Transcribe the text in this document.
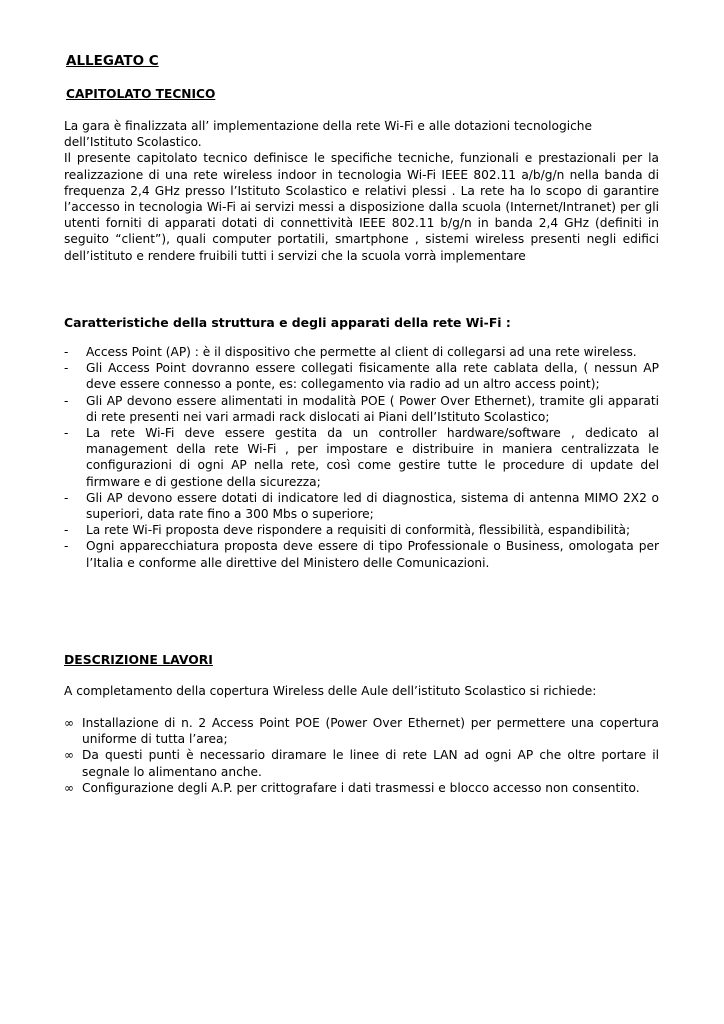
ALLEGATO C
CAPITOLATO TECNICO

La gara è finalizzata all’ implementazione della rete Wi-Fi e alle dotazioni tecnologiche dell’Istituto Scolastico.

Il presente capitolato tecnico definisce le specifiche tecniche, funzionali e prestazionali per la realizzazione di una rete wireless indoor in tecnologia Wi-Fi IEEE 802.11 a/b/g/n nella banda di frequenza 2,4 GHz presso l’Istituto Scolastico e relativi plessi . La rete ha lo scopo di garantire l’accesso in tecnologia Wi-Fi ai servizi messi a disposizione dalla scuola (Internet/Intranet) per gli utenti forniti di apparati dotati di connettività IEEE 802.11 b/g/n in banda 2,4 GHz (definiti in seguito “client”), quali computer portatili, smartphone , sistemi wireless presenti negli edifici dell’istituto e rendere fruibili tutti i servizi che la scuola vorrà implementare

Caratteristiche della struttura e degli apparati della rete Wi-Fi :
- Access Point (AP) : è il dispositivo che permette al client di collegarsi ad una rete wireless.
- Gli Access Point dovranno essere collegati fisicamente alla rete cablata della, ( nessun AP deve essere connesso a ponte, es: collegamento via radio ad un altro access point);
- Gli AP devono essere alimentati in modalità POE ( Power Over Ethernet), tramite gli apparati di rete presenti nei vari armadi rack dislocati ai Piani dell’Istituto Scolastico;
- La rete Wi-Fi deve essere gestita da un controller hardware/software , dedicato al management della rete Wi-Fi , per impostare e distribuire in maniera centralizzata le configurazioni di ogni AP nella rete, così come gestire tutte le procedure di update del firmware e di gestione della sicurezza;
- Gli AP devono essere dotati di indicatore led di diagnostica, sistema di antenna MIMO 2X2 o superiori, data rate fino a 300 Mbs o superiore;
- La rete Wi-Fi proposta deve rispondere a requisiti di conformità, flessibilità, espandibilità;
- Ogni apparecchiatura proposta deve essere di tipo Professionale o Business, omologata per l’Italia e conforme alle direttive del Ministero delle Comunicazioni.
DESCRIZIONE LAVORI
A completamento della copertura Wireless delle Aule dell’istituto Scolastico si richiede:
∞ Installazione di n. 2 Access Point POE (Power Over Ethernet) per permettere una copertura uniforme di tutta l’area;
∞ Da questi punti è necessario diramare le linee di rete LAN ad ogni AP che oltre portare il segnale lo alimentano anche.
∞ Configurazione degli A.P. per crittografare i dati trasmessi e blocco accesso non consentito.
